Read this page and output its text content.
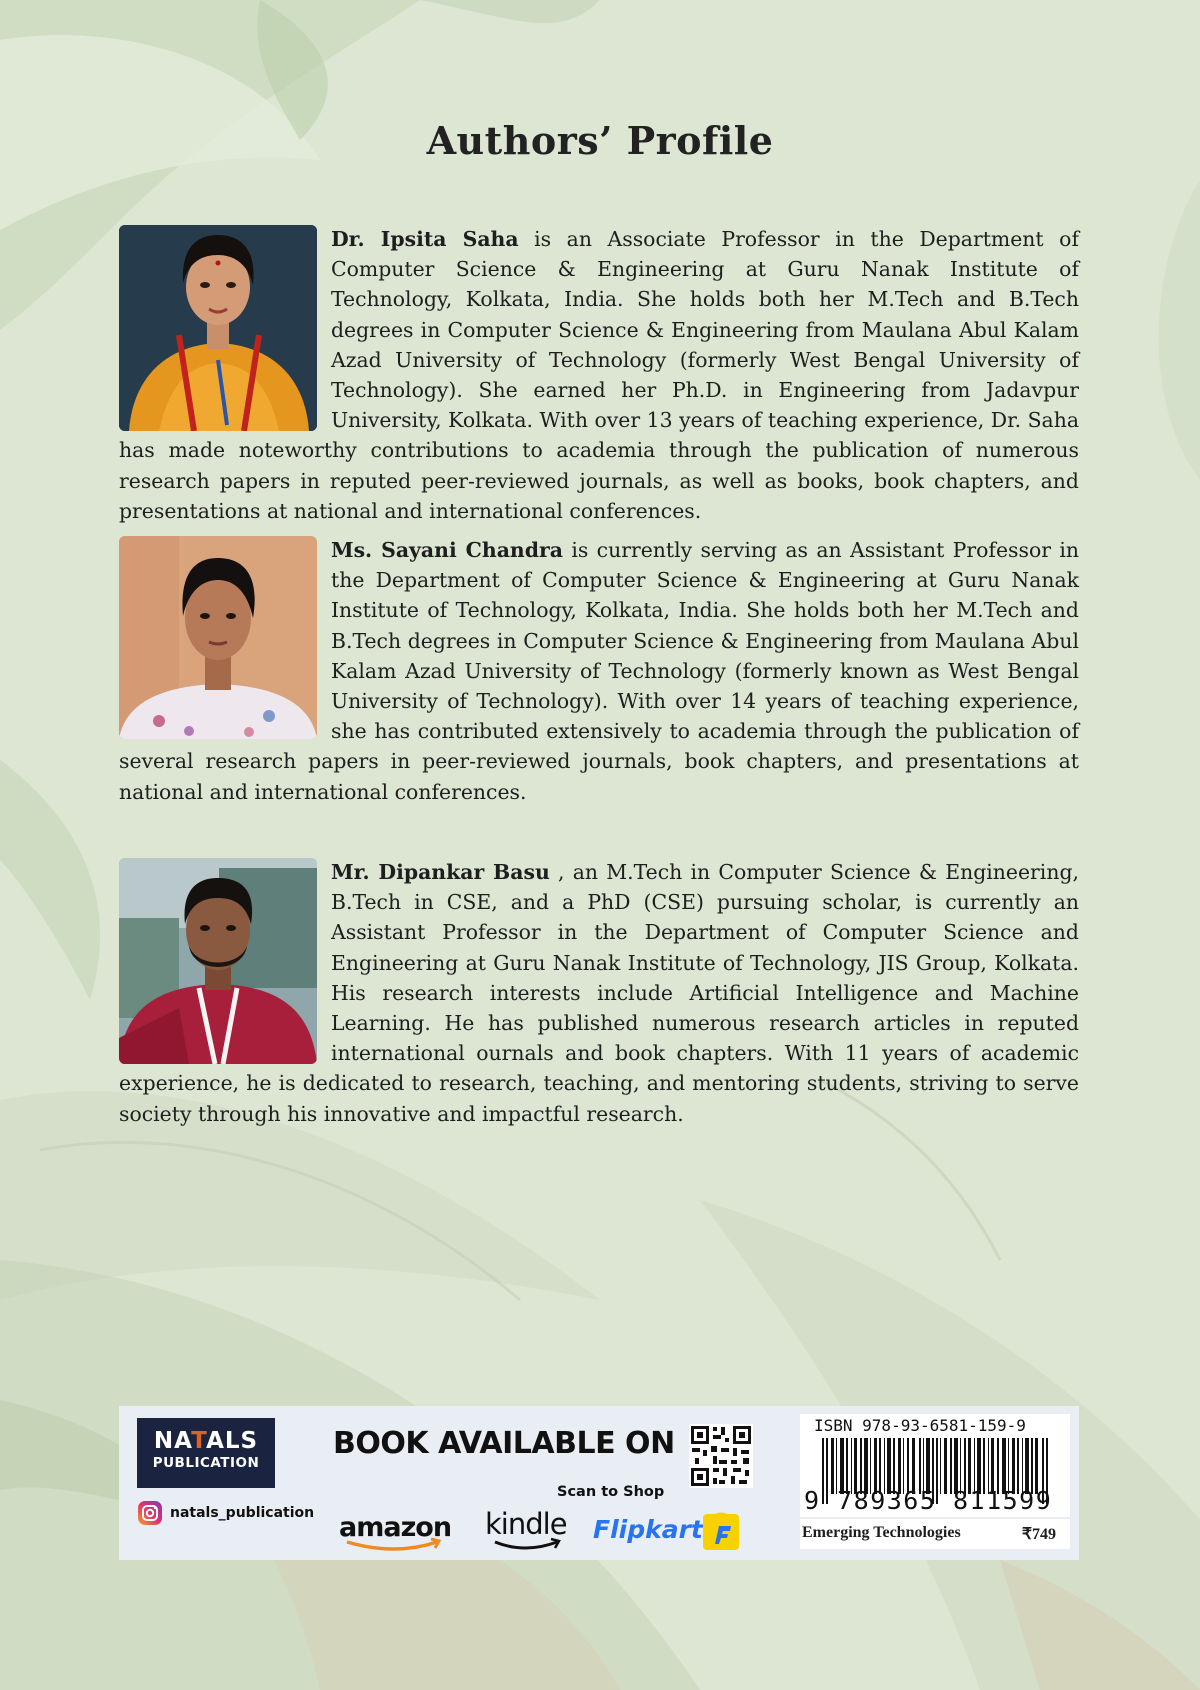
Authors’ Profile
Dr. Ipsita Saha is an Associate Professor in the Department of Computer Science & Engineering at Guru Nanak Institute of Technology, Kolkata, India. She holds both her M.Tech and B.Tech degrees in Computer Science & Engineering from Maulana Abul Kalam Azad University of Technology (formerly West Bengal University of Technology). She earned her Ph.D. in Engineering from Jadavpur University, Kolkata. With over 13 years of teaching experience, Dr. Saha has made noteworthy contributions to academia through the publication of numerous research papers in reputed peer-reviewed journals, as well as books, book chapters, and presentations at national and international conferences.
Ms. Sayani Chandra is currently serving as an Assistant Professor in the Department of Computer Science & Engineering at Guru Nanak Institute of Technology, Kolkata, India. She holds both her M.Tech and B.Tech degrees in Computer Science & Engineering from Maulana Abul Kalam Azad University of Technology (formerly known as West Bengal University of Technology). With over 14 years of teaching experience, she has contributed extensively to academia through the publication of several research papers in peer-reviewed journals, book chapters, and presentations at national and international conferences.
Mr. Dipankar Basu , an M.Tech in Computer Science & Engineering, B.Tech in CSE, and a PhD (CSE) pursuing scholar, is currently an Assistant Professor in the Department of Computer Science and Engineering at Guru Nanak Institute of Technology, JIS Group, Kolkata. His research interests include Artificial Intelligence and Machine Learning. He has published numerous research articles in reputed international ournals and book chapters. With 11 years of academic experience, he is dedicated to research, teaching, and mentoring students, striving to serve society through his innovative and impactful research.
NATALS
PUBLICATION
natals_publication
BOOK AVAILABLE ON
Scan to Shop
amazon kindle Flipkart
ISBN 978-93-6581-159-9
9 789365 811599
Emerging Technologies	₹749
